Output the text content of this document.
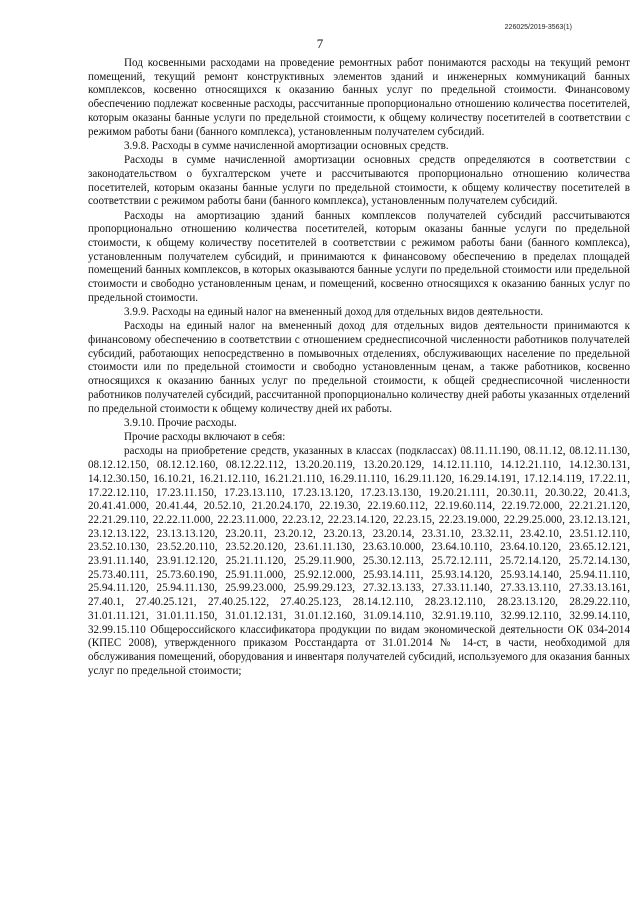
226025/2019-3563(1)
7

Под косвенными расходами на проведение ремонтных работ понимаются расходы на текущий ремонт помещений, текущий ремонт конструктивных элементов зданий и инженерных коммуникаций банных комплексов, косвенно относящихся к оказанию банных услуг по предельной стоимости. Финансовому обеспечению подлежат косвенные расходы, рассчитанные пропорционально отношению количества посетителей, которым оказаны банные услуги по предельной стоимости, к общему количеству посетителей в соответствии с режимом работы бани (банного комплекса), установленным получателем субсидий.

3.9.8. Расходы в сумме начисленной амортизации основных средств.

Расходы в сумме начисленной амортизации основных средств определяются в соответствии с законодательством о бухгалтерском учете и рассчитываются пропорционально отношению количества посетителей, которым оказаны банные услуги по предельной стоимости, к общему количеству посетителей в соответствии с режимом работы бани (банного комплекса), установленным получателем субсидий.

Расходы на амортизацию зданий банных комплексов получателей субсидий рассчитываются пропорционально отношению количества посетителей, которым оказаны банные услуги по предельной стоимости, к общему количеству посетителей в соответствии с режимом работы бани (банного комплекса), установленным получателем субсидий, и принимаются к финансовому обеспечению в пределах площадей помещений банных комплексов, в которых оказываются банные услуги по предельной стоимости или предельной стоимости и свободно установленным ценам, и помещений, косвенно относящихся к оказанию банных услуг по предельной стоимости.

3.9.9. Расходы на единый налог на вмененный доход для отдельных видов деятельности.

Расходы на единый налог на вмененный доход для отдельных видов деятельности принимаются к финансовому обеспечению в соответствии с отношением среднесписочной численности работников получателей субсидий, работающих непосредственно в помывочных отделениях, обслуживающих население по предельной стоимости или по предельной стоимости и свободно установленным ценам, а также работников, косвенно относящихся к оказанию банных услуг по предельной стоимости, к общей среднесписочной численности работников получателей субсидий, рассчитанной пропорционально количеству дней работы указанных отделений по предельной стоимости к общему количеству дней их работы.

3.9.10. Прочие расходы.

Прочие расходы включают в себя:

расходы на приобретение средств, указанных в классах (подклассах) 08.11.11.190, 08.11.12, 08.12.11.130, 08.12.12.150, 08.12.12.160, 08.12.22.112, 13.20.20.119, 13.20.20.129, 14.12.11.110, 14.12.21.110, 14.12.30.131, 14.12.30.150, 16.10.21, 16.21.12.110, 16.21.21.110, 16.29.11.110, 16.29.11.120, 16.29.14.191, 17.12.14.119, 17.22.11, 17.22.12.110, 17.23.11.150, 17.23.13.110, 17.23.13.120, 17.23.13.130, 19.20.21.111, 20.30.11, 20.30.22, 20.41.3, 20.41.41.000, 20.41.44, 20.52.10, 21.20.24.170, 22.19.30, 22.19.60.112, 22.19.60.114, 22.19.72.000, 22.21.21.120, 22.21.29.110, 22.22.11.000, 22.23.11.000, 22.23.12, 22.23.14.120, 22.23.15, 22.23.19.000, 22.29.25.000, 23.12.13.121, 23.12.13.122, 23.13.13.120, 23.20.11, 23.20.12, 23.20.13, 23.20.14, 23.31.10, 23.32.11, 23.42.10, 23.51.12.110, 23.52.10.130, 23.52.20.110, 23.52.20.120, 23.61.11.130, 23.63.10.000, 23.64.10.110, 23.64.10.120, 23.65.12.121, 23.91.11.140, 23.91.12.120, 25.21.11.120, 25.29.11.900, 25.30.12.113, 25.72.12.111, 25.72.14.120, 25.72.14.130, 25.73.40.111, 25.73.60.190, 25.91.11.000, 25.92.12.000, 25.93.14.111, 25.93.14.120, 25.93.14.140, 25.94.11.110, 25.94.11.120, 25.94.11.130, 25.99.23.000, 25.99.29.123, 27.32.13.133, 27.33.11.140, 27.33.13.110, 27.33.13.161, 27.40.1, 27.40.25.121, 27.40.25.122, 27.40.25.123, 28.14.12.110, 28.23.12.110, 28.23.13.120, 28.29.22.110, 31.01.11.121, 31.01.11.150, 31.01.12.131, 31.01.12.160, 31.09.14.110, 32.91.19.110, 32.99.12.110, 32.99.14.110, 32.99.15.110 Общероссийского классификатора продукции по видам экономической деятельности ОК 034-2014 (КПЕС 2008), утвержденного приказом Росстандарта от 31.01.2014 № 14-ст, в части, необходимой для обслуживания помещений, оборудования и инвентаря получателей субсидий, используемого для оказания банных услуг по предельной стоимости;
